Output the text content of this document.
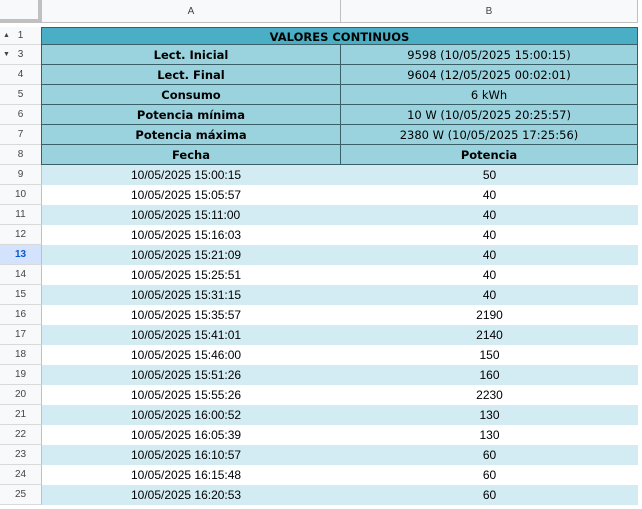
A	B
▲ 1
▼ 3
4
5
6
7
8
9
10
11
12
13
14
15
16
17
18
19
20
21
22
23
24
25
VALORES CONTINUOS
Lect. Inicial	9598 (10/05/2025 15:00:15)
Lect. Final	9604 (12/05/2025 00:02:01)
Consumo	6 kWh
Potencia mínima	10 W (10/05/2025 20:25:57)
Potencia máxima	2380 W (10/05/2025 17:25:56)
Fecha	Potencia
10/05/2025 15:00:15	50
10/05/2025 15:05:57	40
10/05/2025 15:11:00	40
10/05/2025 15:16:03	40
10/05/2025 15:21:09	40
10/05/2025 15:25:51	40
10/05/2025 15:31:15	40
10/05/2025 15:35:57	2190
10/05/2025 15:41:01	2140
10/05/2025 15:46:00	150
10/05/2025 15:51:26	160
10/05/2025 15:55:26	2230
10/05/2025 16:00:52	130
10/05/2025 16:05:39	130
10/05/2025 16:10:57	60
10/05/2025 16:15:48	60
10/05/2025 16:20:53	60
